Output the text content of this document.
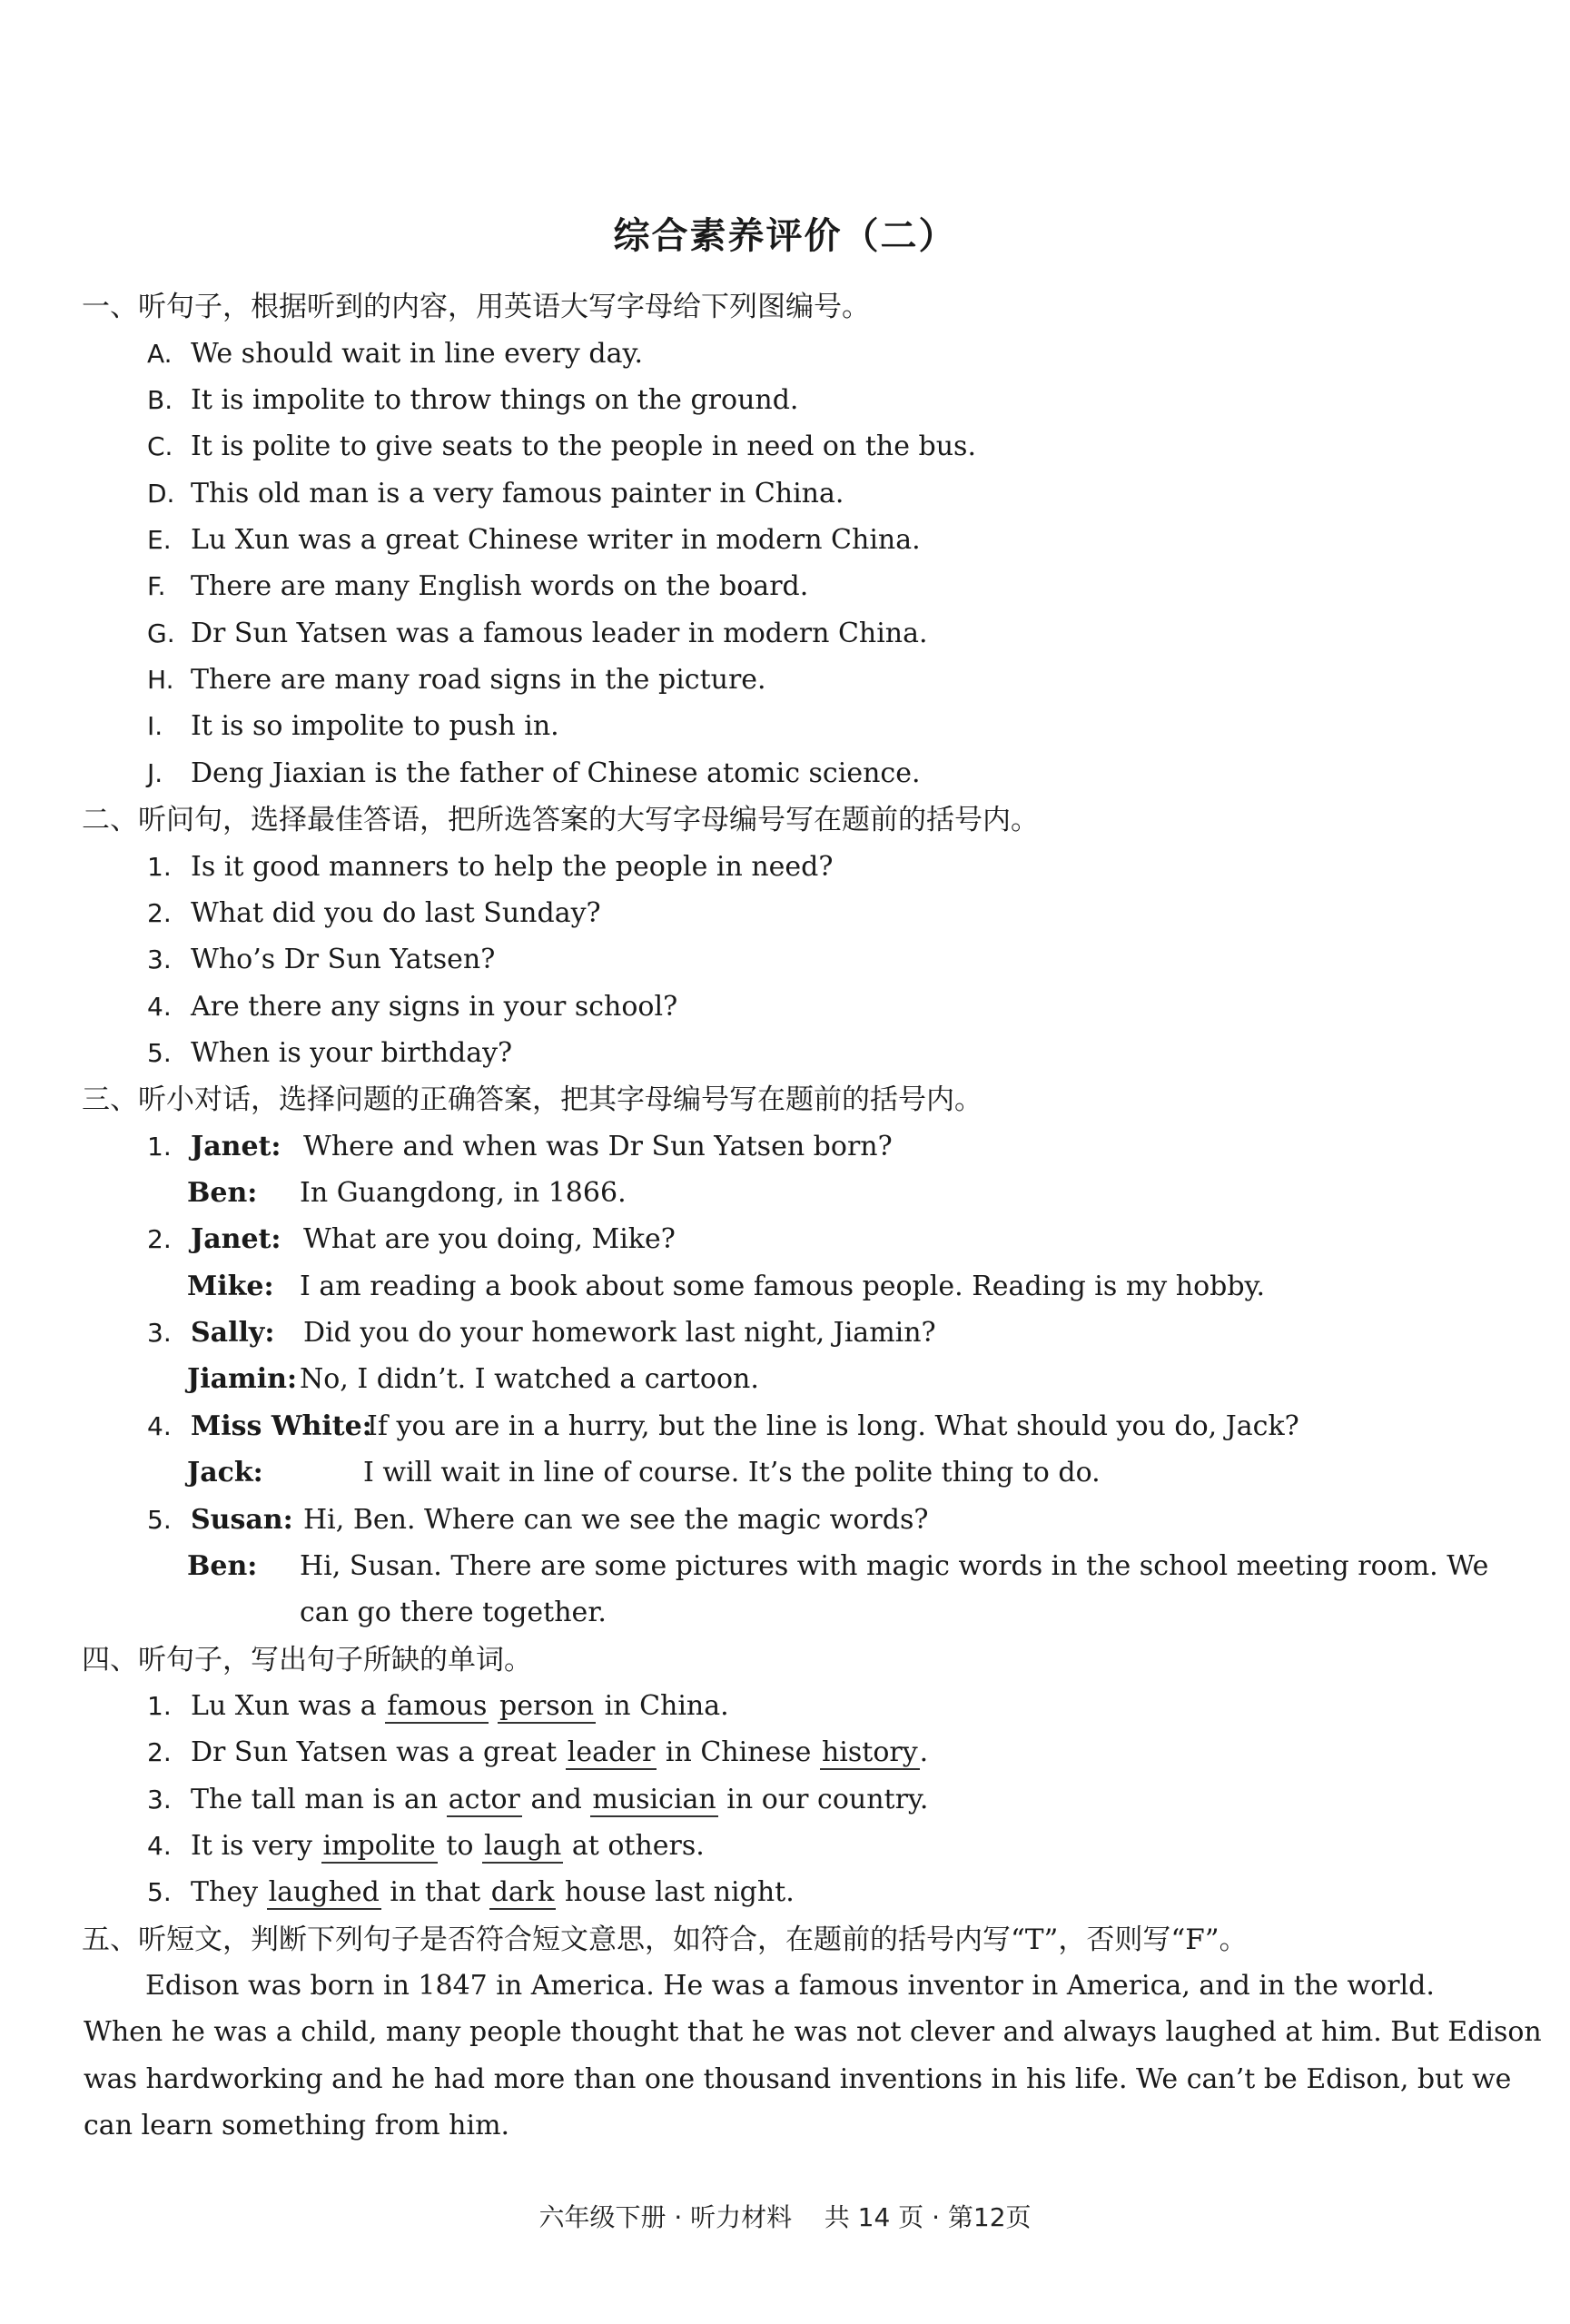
综合素养评价（二）
一、听句子，根据听到的内容，用英语大写字母给下列图编号。
A. We should wait in line every day.
B. It is impolite to throw things on the ground.
C. It is polite to give seats to the people in need on the bus.
D. This old man is a very famous painter in China.
E. Lu Xun was a great Chinese writer in modern China.
F. There are many English words on the board.
G. Dr Sun Yatsen was a famous leader in modern China.
H. There are many road signs in the picture.
I. It is so impolite to push in.
J. Deng Jiaxian is the father of Chinese atomic science.
二、听问句，选择最佳答语，把所选答案的大写字母编号写在题前的括号内。
1. Is it good manners to help the people in need?
2. What did you do last Sunday?
3. Who’s Dr Sun Yatsen?
4. Are there any signs in your school?
5. When is your birthday?
三、听小对话，选择问题的正确答案，把其字母编号写在题前的括号内。
1. Janet: Where and when was Dr Sun Yatsen born?
Ben: In Guangdong, in 1866.
2. Janet: What are you doing, Mike?
Mike: I am reading a book about some famous people. Reading is my hobby.
3. Sally: Did you do your homework last night, Jiamin?
Jiamin:No, I didn’t. I watched a cartoon.
4. Miss White:If you are in a hurry, but the line is long. What should you do, Jack?
Jack:	I will wait in line of course. It’s the polite thing to do.
5. Susan: Hi, Ben. Where can we see the magic words?
Ben: Hi, Susan. There are some pictures with magic words in the school meeting room. We
can go there together.
四、听句子，写出句子所缺的单词。
1. Lu Xun was a famous person in China.
2. Dr Sun Yatsen was a great leader in Chinese history.
3. The tall man is an actor and musician in our country.
4. It is very impolite to laugh at others.
5. They laughed in that dark house last night.
五、听短文，判断下列句子是否符合短文意思，如符合，在题前的括号内写“T”，否则写“F”。
Edison was born in 1847 in America. He was a famous inventor in America, and in the world.
When he was a child, many people thought that he was not clever and always laughed at him. But Edison
was hardworking and he had more than one thousand inventions in his life. We can’t be Edison, but we
can learn something from him.
六年级下册 · 听力材料    共 14 页 · 第12页
